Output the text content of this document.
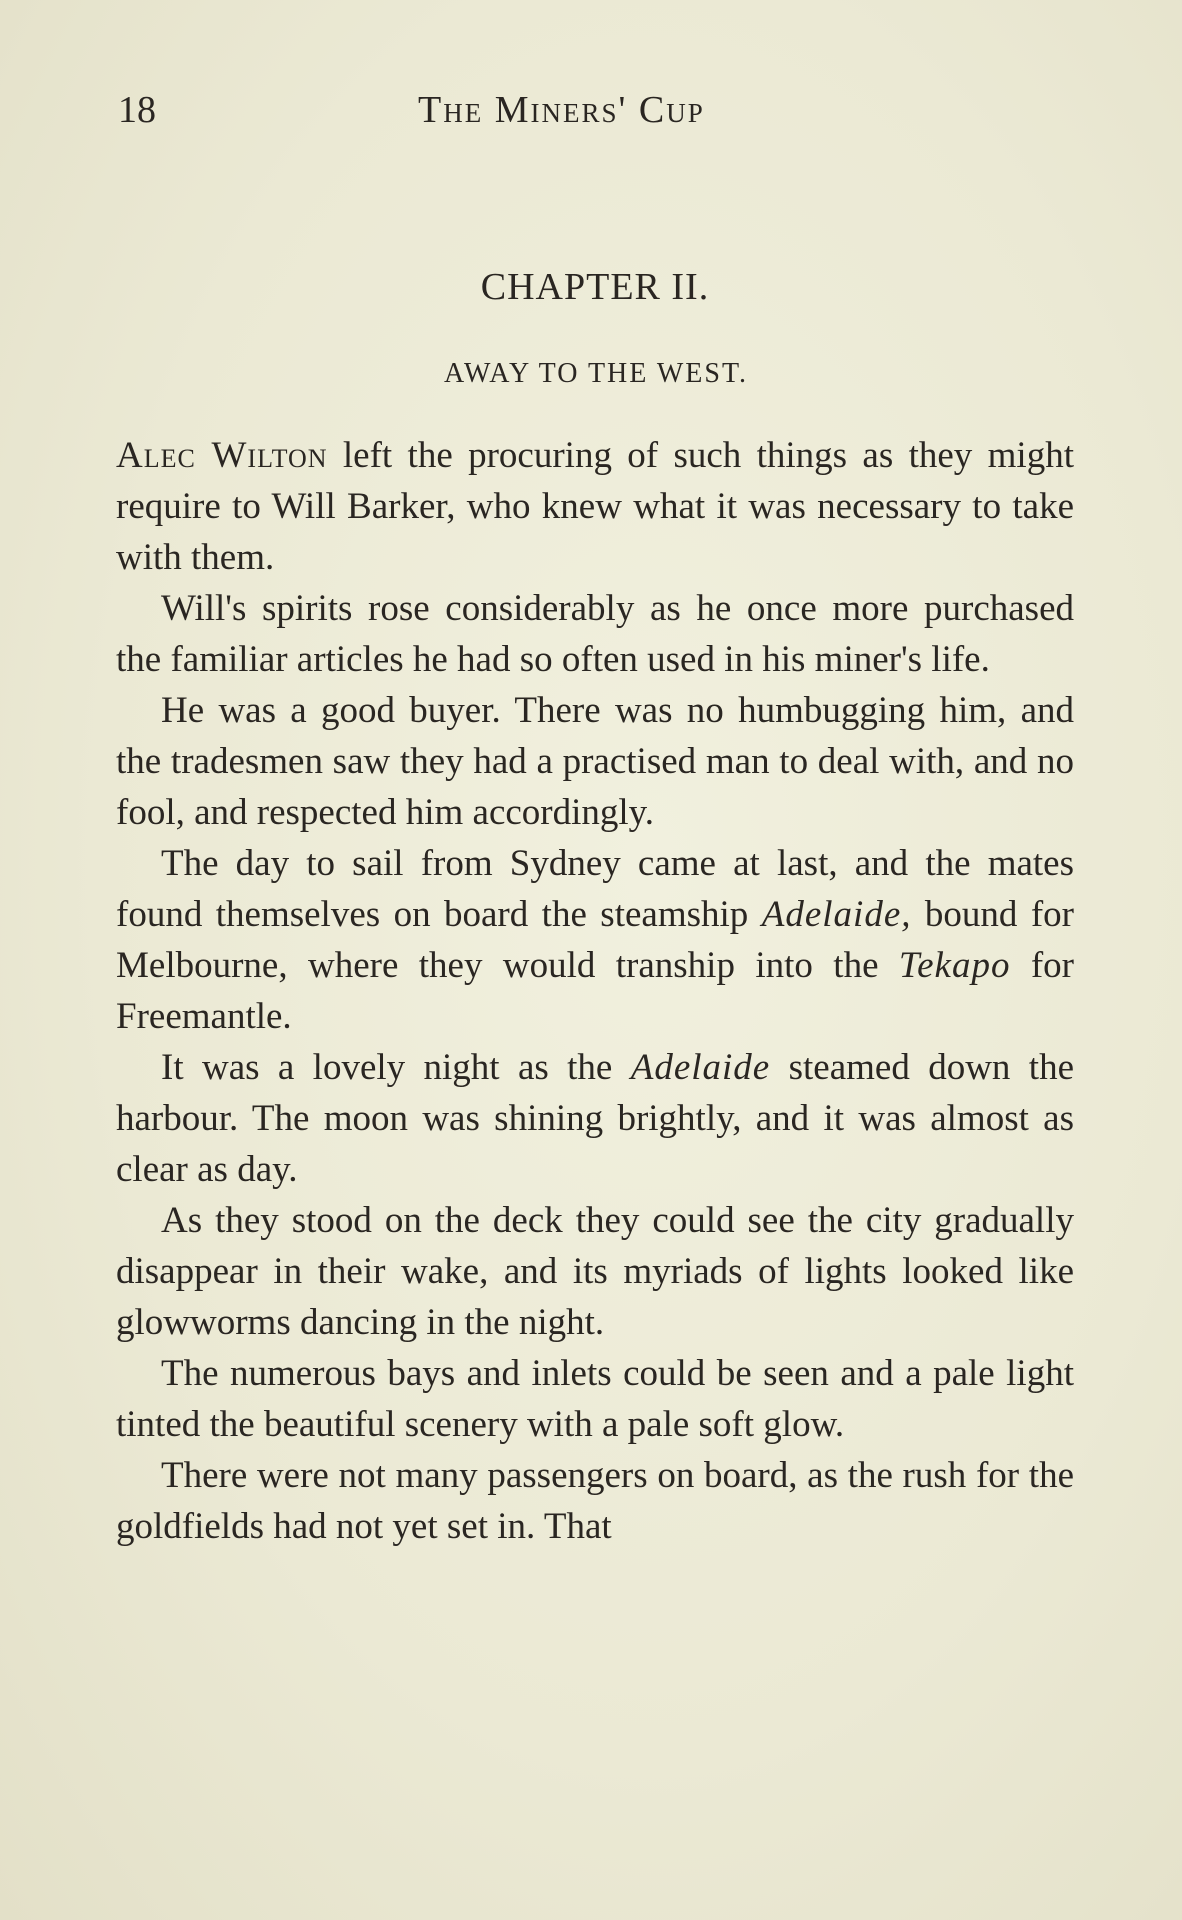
18	The Miners' Cup
CHAPTER II.
AWAY TO THE WEST.

Alec Wilton left the procuring of such things as they might require to Will Barker, who knew what it was necessary to take with them.

Will's spirits rose considerably as he once more purchased the familiar articles he had so often used in his miner's life.

He was a good buyer. There was no humbugging him, and the tradesmen saw they had a practised man to deal with, and no fool, and respected him accordingly.

The day to sail from Sydney came at last, and the mates found themselves on board the steamship Adelaide, bound for Melbourne, where they would tranship into the Tekapo for Freemantle.

It was a lovely night as the Adelaide steamed down the harbour. The moon was shining brightly, and it was almost as clear as day.

As they stood on the deck they could see the city gradually disappear in their wake, and its myriads of lights looked like glowworms dancing in the night.

The numerous bays and inlets could be seen and a pale light tinted the beautiful scenery with a pale soft glow.

There were not many passengers on board, as the rush for the goldfields had not yet set in. That
